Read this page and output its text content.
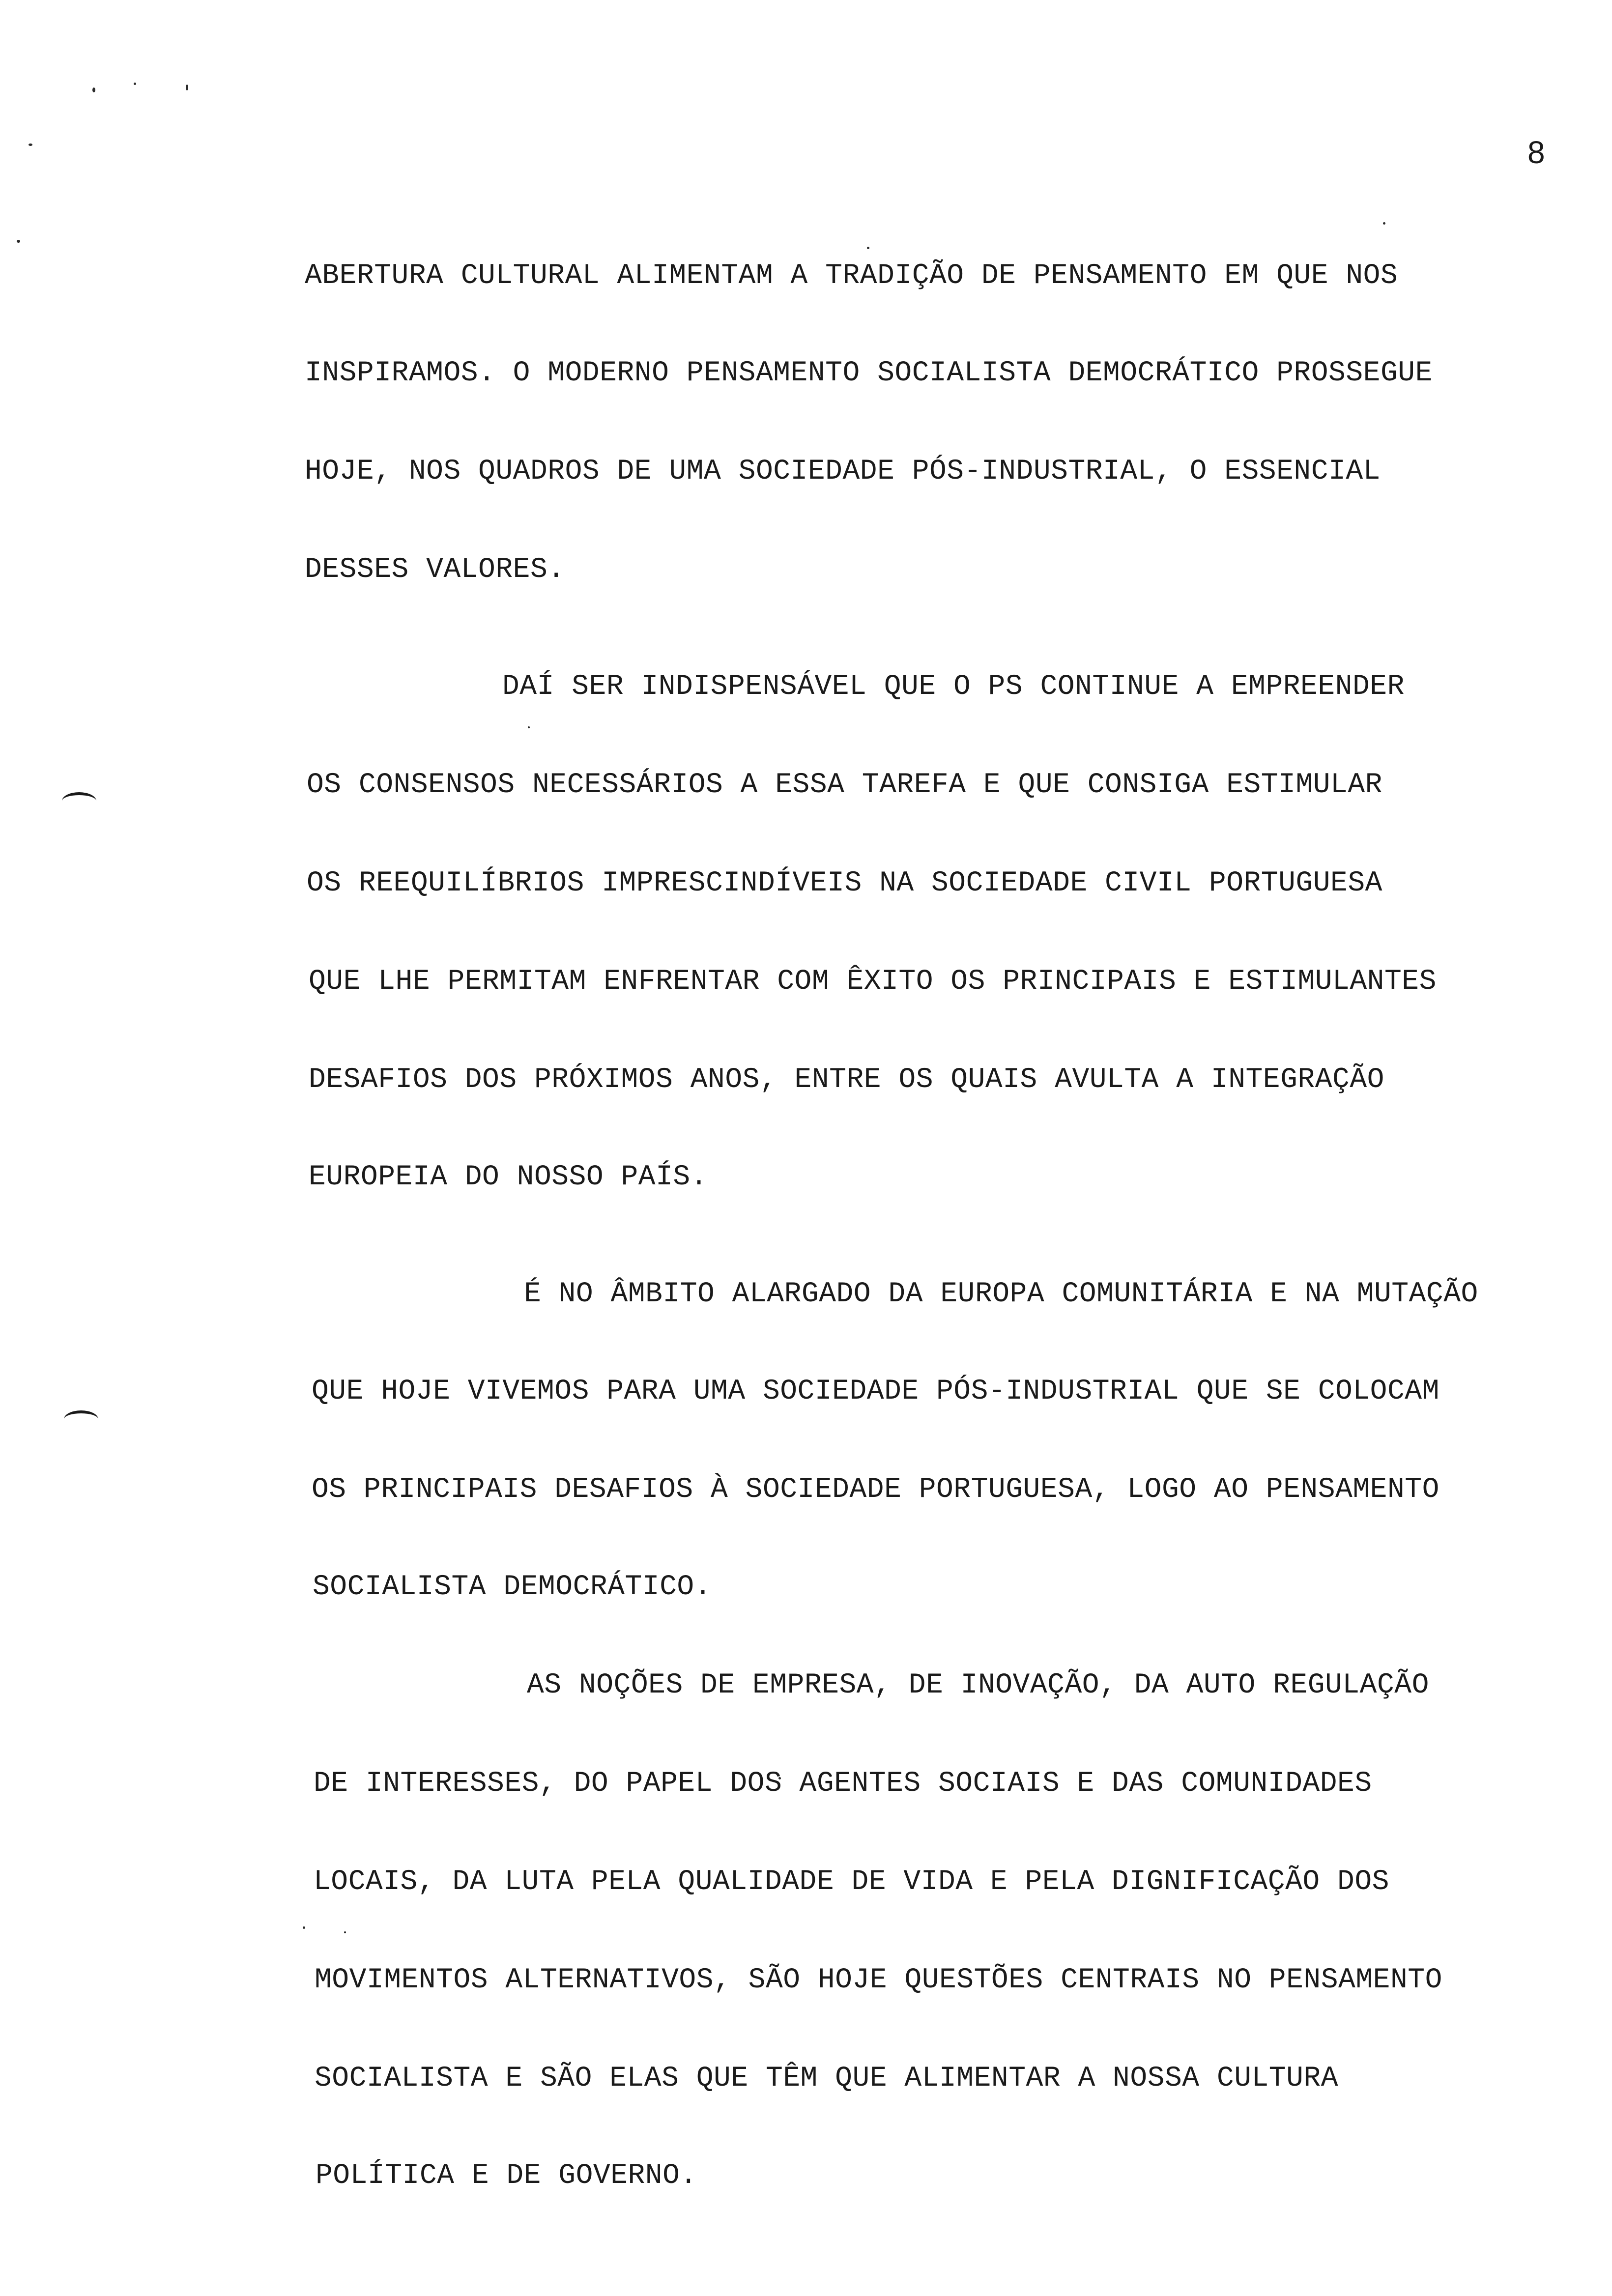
8
ABERTURA CULTURAL ALIMENTAM A TRADIÇÃO DE PENSAMENTO EM QUE NOS
INSPIRAMOS. O MODERNO PENSAMENTO SOCIALISTA DEMOCRÁTICO PROSSEGUE
HOJE, NOS QUADROS DE UMA SOCIEDADE PÓS-INDUSTRIAL, O ESSENCIAL
DESSES VALORES.
DAÍ SER INDISPENSÁVEL QUE O PS CONTINUE A EMPREENDER
OS CONSENSOS NECESSÁRIOS A ESSA TAREFA E QUE CONSIGA ESTIMULAR
OS REEQUILÍBRIOS IMPRESCINDÍVEIS NA SOCIEDADE CIVIL PORTUGUESA
QUE LHE PERMITAM ENFRENTAR COM ÊXITO OS PRINCIPAIS E ESTIMULANTES
DESAFIOS DOS PRÓXIMOS ANOS, ENTRE OS QUAIS AVULTA A INTEGRAÇÃO
EUROPEIA DO NOSSO PAÍS.
É NO ÂMBITO ALARGADO DA EUROPA COMUNITÁRIA E NA MUTAÇÃO
QUE HOJE VIVEMOS PARA UMA SOCIEDADE PÓS-INDUSTRIAL QUE SE COLOCAM
OS PRINCIPAIS DESAFIOS À SOCIEDADE PORTUGUESA, LOGO AO PENSAMENTO
SOCIALISTA DEMOCRÁTICO.
AS NOÇÕES DE EMPRESA, DE INOVAÇÃO, DA AUTO REGULAÇÃO
DE INTERESSES, DO PAPEL DOS AGENTES SOCIAIS E DAS COMUNIDADES
LOCAIS, DA LUTA PELA QUALIDADE DE VIDA E PELA DIGNIFICAÇÃO DOS
MOVIMENTOS ALTERNATIVOS, SÃO HOJE QUESTÕES CENTRAIS NO PENSAMENTO
SOCIALISTA E SÃO ELAS QUE TÊM QUE ALIMENTAR A NOSSA CULTURA
POLÍTICA E DE GOVERNO.
